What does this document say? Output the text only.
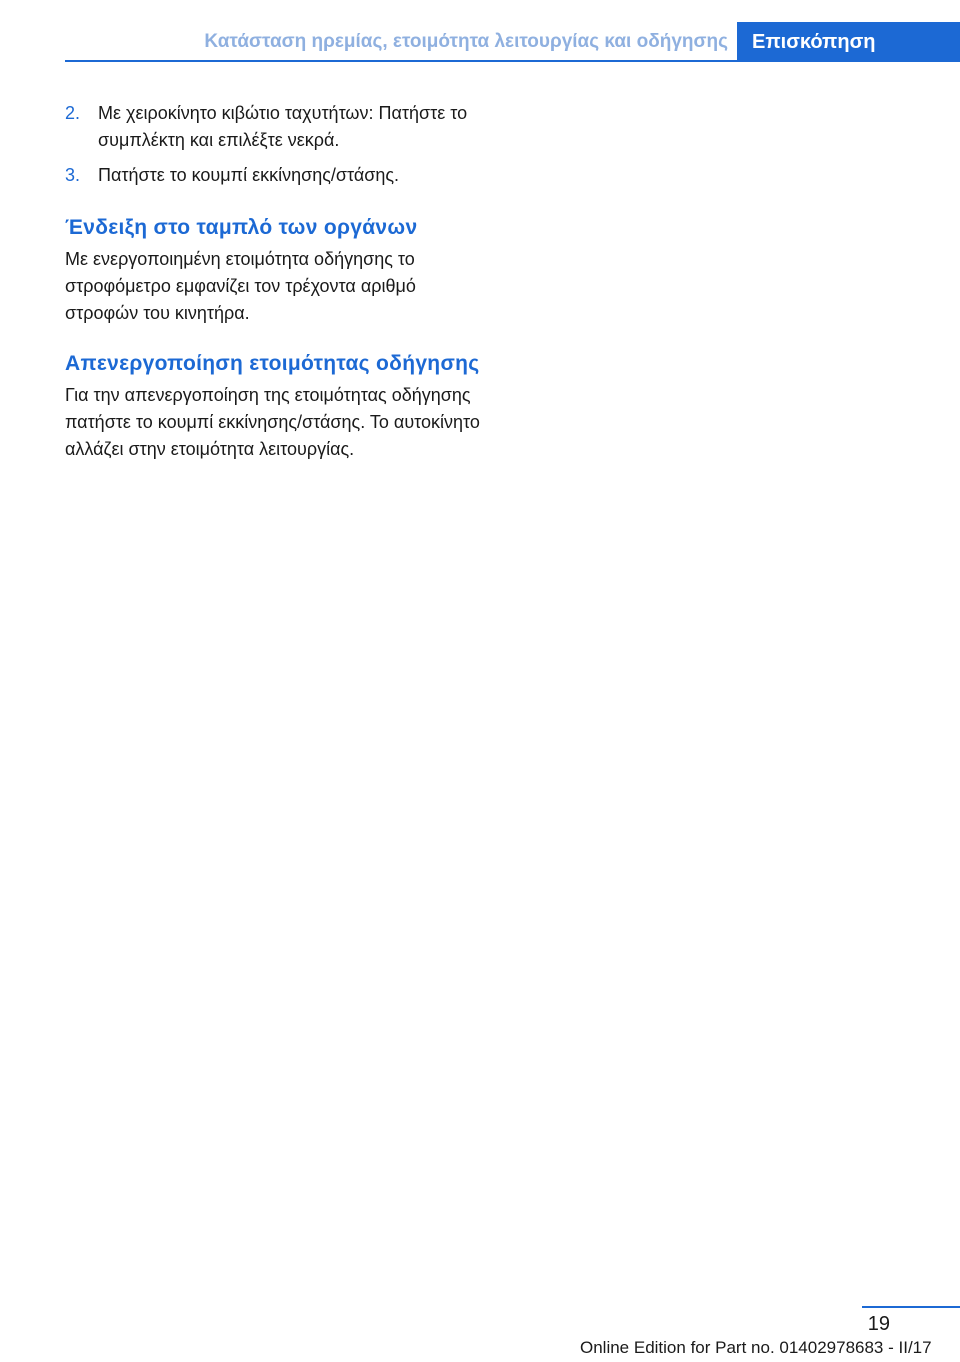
Κατάσταση ηρεμίας, ετοιμότητα λειτουργίας και οδήγησης	Επισκόπηση
2. Με χειροκίνητο κιβώτιο ταχυτήτων: Πατήστε το συμπλέκτη και επιλέξτε νεκρά.
3. Πατήστε το κουμπί εκκίνησης/στάσης.
Ένδειξη στο ταμπλό των οργάνων

Με ενεργοποιημένη ετοιμότητα οδήγησης το στροφόμετρο εμφανίζει τον τρέχοντα αριθμό στροφών του κινητήρα.

Απενεργοποίηση ετοιμότητας οδήγησης

Για την απενεργοποίηση της ετοιμότητας οδήγησης πατήστε το κουμπί εκκίνησης/στάσης. Το αυτοκίνητο αλλάζει στην ετοιμότητα λειτουργίας.

19
Online Edition for Part no. 01402978683 - II/17
